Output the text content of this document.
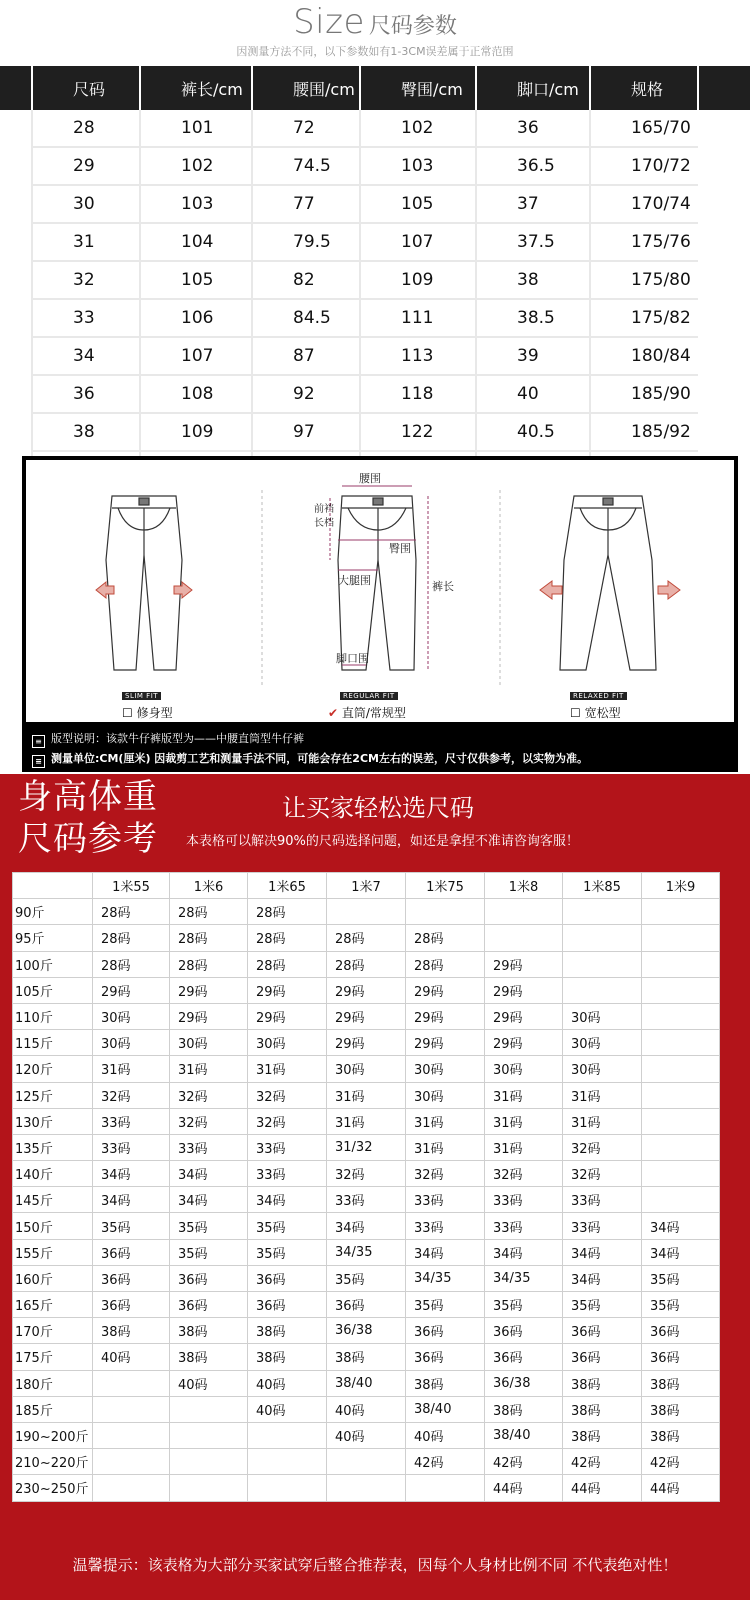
Size 尺码参数
因测量方法不同，以下参数如有1-3CM误差属于正常范围
	尺码	裤长/cm	腰围/cm	臀围/cm	脚口/cm	规格	
	28	101	72	102	36	165/70	
	29	102	74.5	103	36.5	170/72	
	30	103	77	105	37	170/74	
	31	104	79.5	107	37.5	175/76	
	32	105	82	109	38	175/80	
	33	106	84.5	111	38.5	175/82	
	34	107	87	113	39	180/84	
	36	108	92	118	40	185/90	
	38	109	97	122	40.5	185/92	

腰围
臀围
前裆
长档
大腿围	裤长
脚口围
SLIM FIT
☐ 修身型
REGULAR FIT
✔ 直筒/常规型
RELAXED FIT
☐ 宽松型
≡ 版型说明：该款牛仔裤版型为——中腰直筒型牛仔裤
≡ 测量单位:CM(厘米) 因裁剪工艺和测量手法不同，可能会存在2CM左右的误差，尺寸仅供参考，以实物为准。
身高体重
尺码参考
让买家轻松选尺码
本表格可以解决90%的尺码选择问题，如还是拿捏不准请咨询客服！
	1米55	1米6	1米65	1米7	1米75	1米8	1米85	1米9
90斤	28码	28码	28码					
95斤	28码	28码	28码	28码	28码			
100斤	28码	28码	28码	28码	28码	29码		
105斤	29码	29码	29码	29码	29码	29码		
110斤	30码	29码	29码	29码	29码	29码	30码	
115斤	30码	30码	30码	29码	29码	29码	30码	
120斤	31码	31码	31码	30码	30码	30码	30码	
125斤	32码	32码	32码	31码	30码	31码	31码	
130斤	33码	32码	32码	31码	31码	31码	31码	
135斤	33码	33码	33码	31/32	31码	31码	32码	
140斤	34码	34码	33码	32码	32码	32码	32码	
145斤	34码	34码	34码	33码	33码	33码	33码	
150斤	35码	35码	35码	34码	33码	33码	33码	34码
155斤	36码	35码	35码	34/35	34码	34码	34码	34码
160斤	36码	36码	36码	35码	34/35	34/35	34码	35码
165斤	36码	36码	36码	36码	35码	35码	35码	35码
170斤	38码	38码	38码	36/38	36码	36码	36码	36码
175斤	40码	38码	38码	38码	36码	36码	36码	36码
180斤		40码	40码	38/40	38码	36/38	38码	38码
185斤			40码	40码	38/40	38码	38码	38码
190~200斤				40码	40码	38/40	38码	38码
210~220斤					42码	42码	42码	42码
230~250斤						44码	44码	44码
温馨提示：该表格为大部分买家试穿后整合推荐表，因每个人身材比例不同 不代表绝对性！
